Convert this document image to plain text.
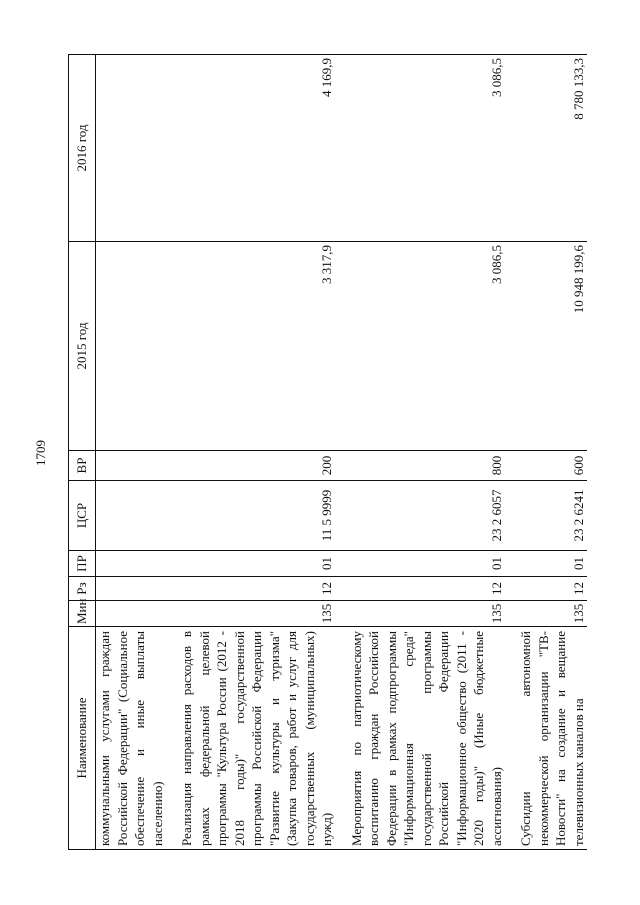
1709
Наименование	Мин	Рз	ПР	ЦСР	ВР	2015 год	2016 год

коммунальными услугами граждан Российской Федерации" (Социальное обеспечение и иные выплаты населению)							

Реализация направления расходов в рамках федеральной целевой программы "Культура России (2012 - 2018 годы)" государственной программы Российской Федерации "Развитие культуры и туризма" (Закупка товаров, работ и услуг для государственных (муниципальных) нужд)	135	12	01	11 5 9999	200	3 317,9	4 169,9

Мероприятия по патриотическому воспитанию граждан Российской Федерации в рамках подпрограммы "Информационная среда" государственной программы Российской Федерации "Информационное общество (2011 - 2020 годы)" (Иные бюджетные ассигнования)	135	12	01	23 2 6057	800	3 086,5	3 086,5

Субсидии автономной некоммерческой организации "ТВ-Новости" на создание и вещание телевизионных каналов на	135	12	01	23 2 6241	600	10 948 199,6	8 780 133,3
